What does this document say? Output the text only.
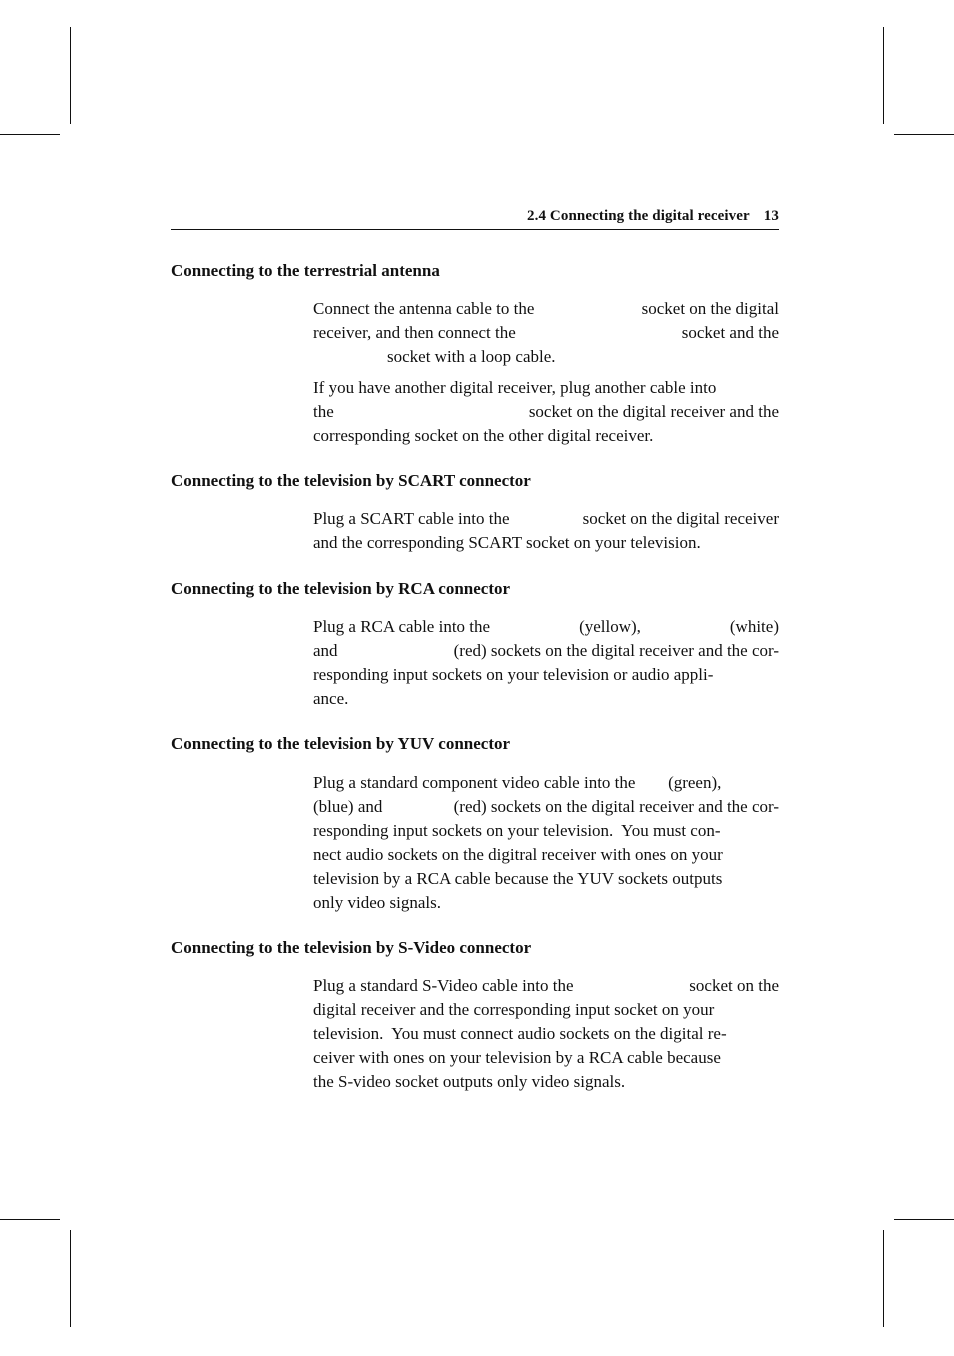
2.4 Connecting the digital receiver 13
Connecting to the terrestrial antenna
Connect the antenna cable to the	socket on the digital
receiver, and then connect the	socket and the
socket with a loop cable.
If you have another digital receiver, plug another cable into
the	socket on the digital receiver and the
corresponding socket on the other digital receiver.
Connecting to the television by SCART connector
Plug a SCART cable into the	socket on the digital receiver
and the corresponding SCART socket on your television.
Connecting to the television by RCA connector
Plug a RCA cable into the	(yellow),	(white)
and	(red) sockets on the digital receiver and the cor-
responding input sockets on your television or audio appli-
ance.
Connecting to the television by YUV connector
Plug a standard component video cable into the (green),
(blue) and	(red) sockets on the digital receiver and the cor-
responding input sockets on your television.  You must con-
nect audio sockets on the digitral receiver with ones on your
television by a RCA cable because the YUV sockets outputs
only video signals.
Connecting to the television by S-Video connector
Plug a standard S-Video cable into the	socket on the
digital receiver and the corresponding input socket on your
television.  You must connect audio sockets on the digital re-
ceiver with ones on your television by a RCA cable because
the S-video socket outputs only video signals.
